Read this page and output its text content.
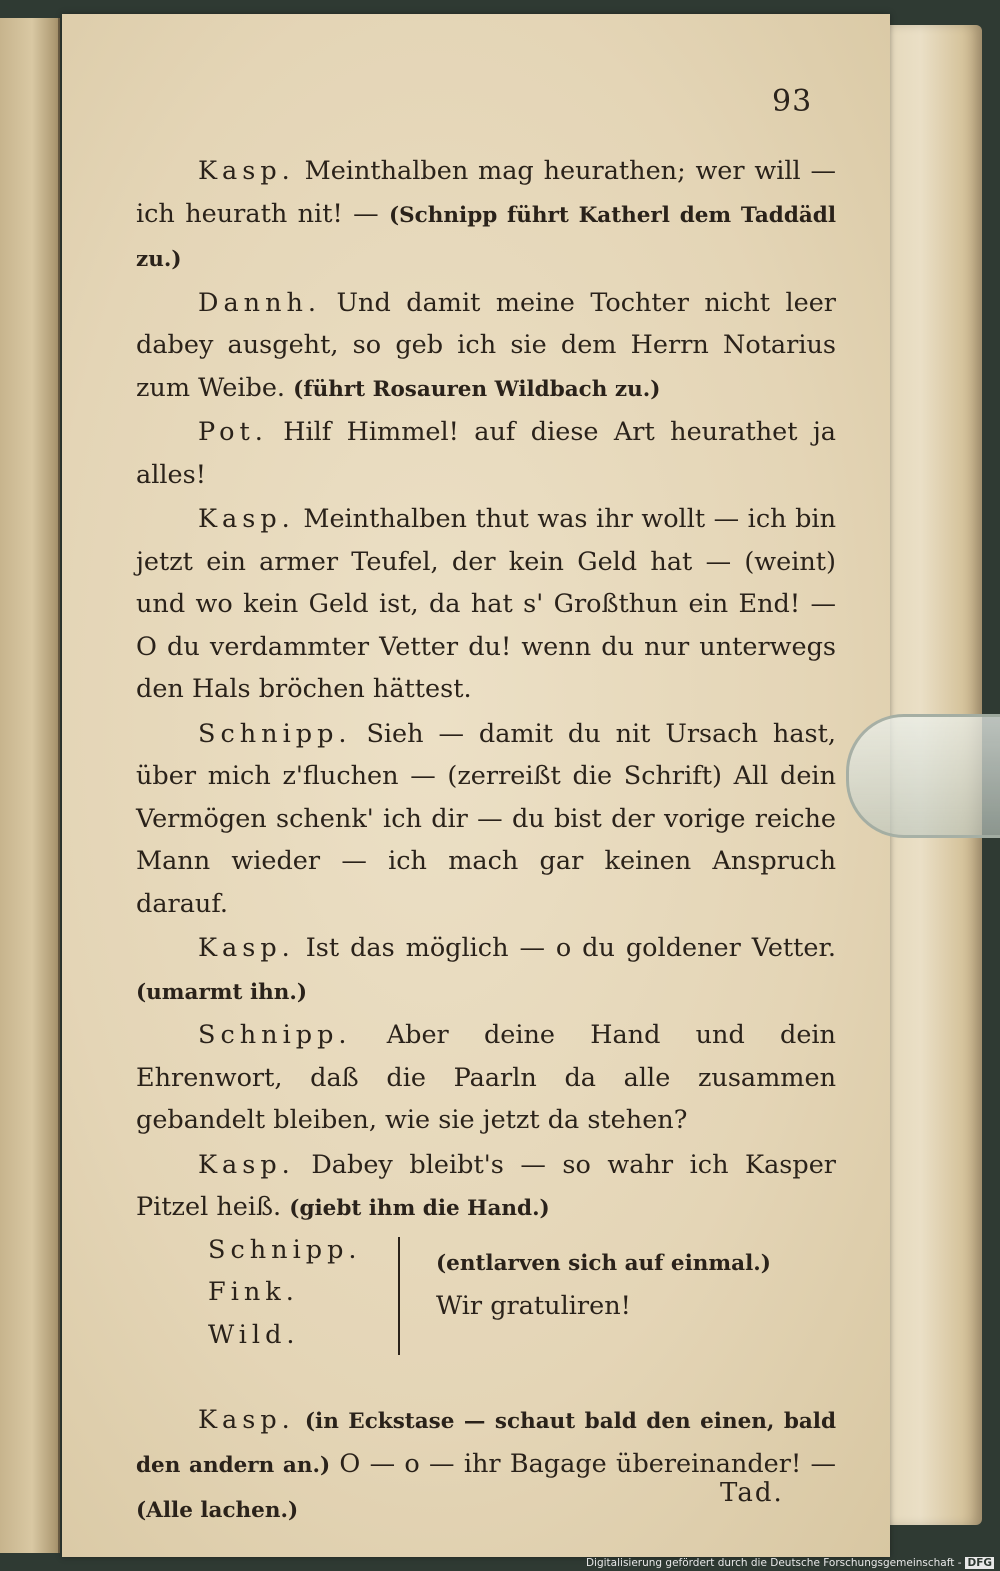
93

Kasp. Meinthalben mag heurathen; wer will — ich heurath nit! — (Schnipp führt Katherl dem Taddädl zu.)

Dannh. Und damit meine Tochter nicht leer dabey ausgeht, so geb ich sie dem Herrn Notarius zum Weibe. (führt Rosauren Wildbach zu.)

Pot. Hilf Himmel! auf diese Art heurathet ja alles!

Kasp. Meinthalben thut was ihr wollt — ich bin jetzt ein armer Teufel, der kein Geld hat — (weint) und wo kein Geld ist, da hat s' Großthun ein End! — O du verdammter Vetter du! wenn du nur unterwegs den Hals bröchen hättest.

Schnipp. Sieh — damit du nit Ursach hast, über mich z'fluchen — (zerreißt die Schrift) All dein Vermögen schenk' ich dir — du bist der vorige reiche Mann wieder — ich mach gar keinen Anspruch darauf.

Kasp. Ist das möglich — o du goldener Vetter. (umarmt ihn.)

Schnipp. Aber deine Hand und dein Ehrenwort, daß die Paarln da alle zusammen gebandelt bleiben, wie sie jetzt da stehen?

Kasp. Dabey bleibt's — so wahr ich Kasper Pitzel heiß. (giebt ihm die Hand.)

Schnipp.
Fink.
Wild.
(entlarven sich auf einmal.)
Wir gratuliren!

Kasp. (in Eckstase — schaut bald den einen, bald den andern an.) O — o — ihr Bagage übereinander! — (Alle lachen.)

Tad.
Digitalisierung gefördert durch die Deutsche Forschungsgemeinschaft - DFG
